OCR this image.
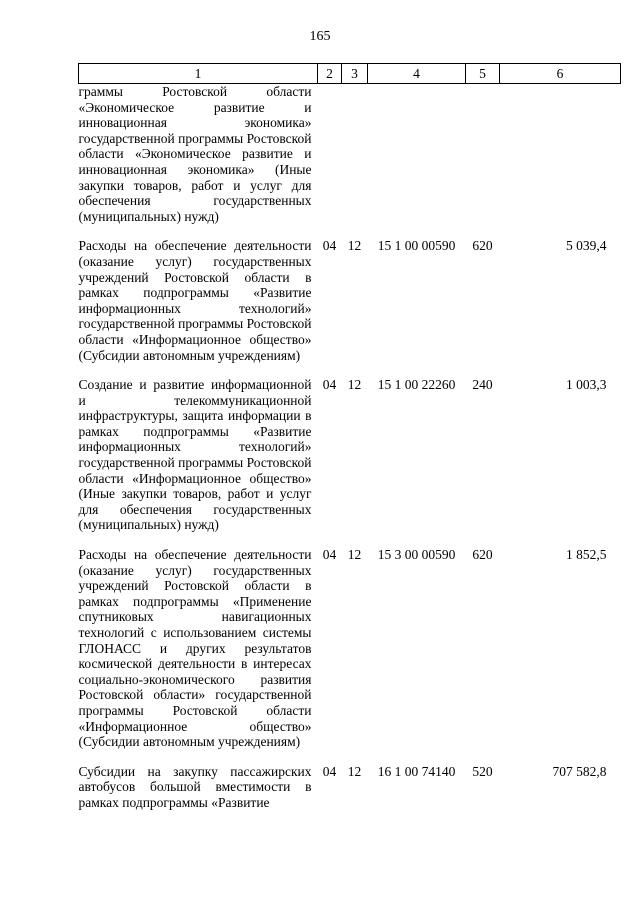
165
1	2	3	4	5	6
граммы Ростовской области «Экономическое развитие и инновационная экономика» государственной программы Ростовской области «Экономическое развитие и инновационная экономика» (Иные закупки товаров, работ и услуг для обеспечения государственных (муниципальных) нужд)					
Расходы на обеспечение деятельности (оказание услуг) государственных учреждений Ростовской области в рамках подпрограммы «Развитие информационных технологий» государственной программы Ростовской области «Информационное общество» (Субсидии автономным учреждениям)	04	12	15 1 00 00590	620	5 039,4
Создание и развитие информационной и телекоммуникационной инфраструктуры, защита информации в рамках подпрограммы «Развитие информационных технологий» государственной программы Ростовской области «Информационное общество» (Иные закупки товаров, работ и услуг для обеспечения государственных (муниципальных) нужд)	04	12	15 1 00 22260	240	1 003,3
Расходы на обеспечение деятельности (оказание услуг) государственных учреждений Ростовской области в рамках подпрограммы «Применение спутниковых навигационных технологий с использованием системы ГЛОНАСС и других результатов космической деятельности в интересах социально-экономического развития Ростовской области» государственной программы Ростовской области «Информационное общество» (Субсидии автономным учреждениям)	04	12	15 3 00 00590	620	1 852,5
Субсидии на закупку пассажирских автобусов большой вместимости в рамках подпрограммы «Развитие	04	12	16 1 00 74140	520	707 582,8
